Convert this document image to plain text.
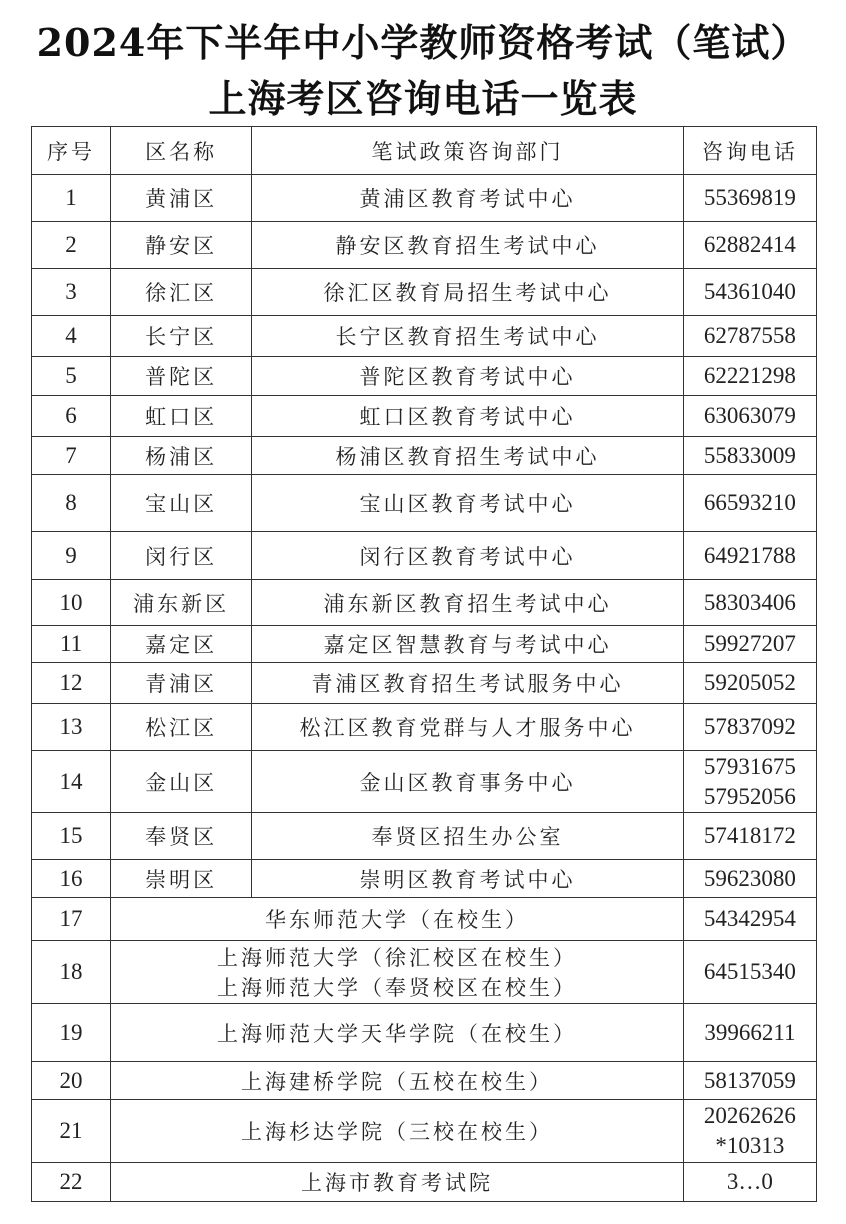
2024年下半年中小学教师资格考试（笔试）
上海考区咨询电话一览表
序号	区名称	笔试政策咨询部门	咨询电话
1	黄浦区	黄浦区教育考试中心	55369819
2	静安区	静安区教育招生考试中心	62882414
3	徐汇区	徐汇区教育局招生考试中心	54361040
4	长宁区	长宁区教育招生考试中心	62787558
5	普陀区	普陀区教育考试中心	62221298
6	虹口区	虹口区教育考试中心	63063079
7	杨浦区	杨浦区教育招生考试中心	55833009
8	宝山区	宝山区教育考试中心	66593210
9	闵行区	闵行区教育考试中心	64921788
10	浦东新区	浦东新区教育招生考试中心	58303406
11	嘉定区	嘉定区智慧教育与考试中心	59927207
12	青浦区	青浦区教育招生考试服务中心	59205052
13	松江区	松江区教育党群与人才服务中心	57837092
14	金山区	金山区教育事务中心	57931675
57952056
15	奉贤区	奉贤区招生办公室	57418172
16	崇明区	崇明区教育考试中心	59623080
17	华东师范大学（在校生）		54342954
18	上海师范大学（徐汇校区在校生）
上海师范大学（奉贤校区在校生）		64515340
19	上海师范大学天华学院（在校生）		39966211
20	上海建桥学院（五校在校生）		58137059
21	上海杉达学院（三校在校生）		20262626
*10313
22	上海市教育考试院		3…0
